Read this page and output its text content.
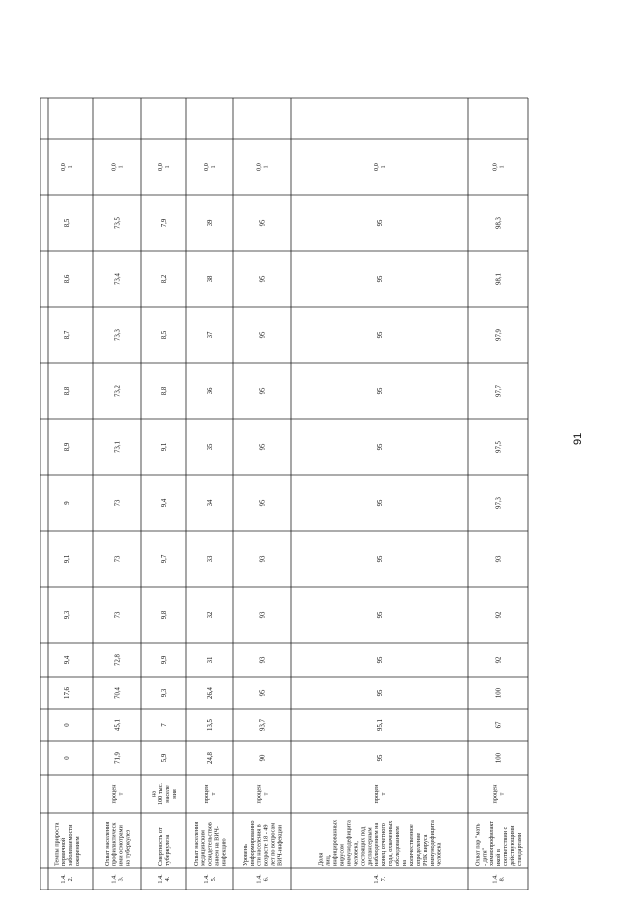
1.4.2.
Темпы приростапервичнойзаболеваемостиожирением
0
0
17,6
9,4
9,3
9,1
9
8,9
8,8
8,7
8,6
8,5
0,01
1.4.3.
Охват населенияпрофилактическими осмотрамина туберкулез
процент
71,9
45,1
70,4
72,8
73
73
73
73,1
73,2
73,3
73,4
73,5
0,01
1.4.4.
Смертность оттуберкулеза
на100 тыс.населения
5,9
7
9,3
9,9
9,8
9,7
9,4
9,1
8,8
8,5
8,2
7,9
0,01
1.4.5.
Охват населениямедицинскимосвидетельствованием на ВИЧ-инфекцию
процент
24,8
13,5
26,4
31
32
33
34
35
36
37
38
39
0,01
1.4.6.
Уровеньинформированности населения ввозрасте 18 - 49лет по вопросамВИЧ-инфекции
процент
90
93,7
95
93
93
93
95
95
95
95
95
95
0,01
1.4.7.
Долялиц,инфицированныхвирусомиммунодефицитачеловека,состоящих поддиспансернымнаблюдением наконец отчетногогода, охваченныхобследованиемнаколичественноеопределениеРНК вирусаиммунодефицитачеловека
процент
95
95,1
95
95
95
95
95
95
95
95
95
95
0,01
1.4.8.
Охват пар "мать- дитя"химиопрофилактикой всоответствии сдействующимистандартами
процент
100
67
100
92
92
93
97,3
97,5
97,7
97,9
98,1
98,3
0,01
91
